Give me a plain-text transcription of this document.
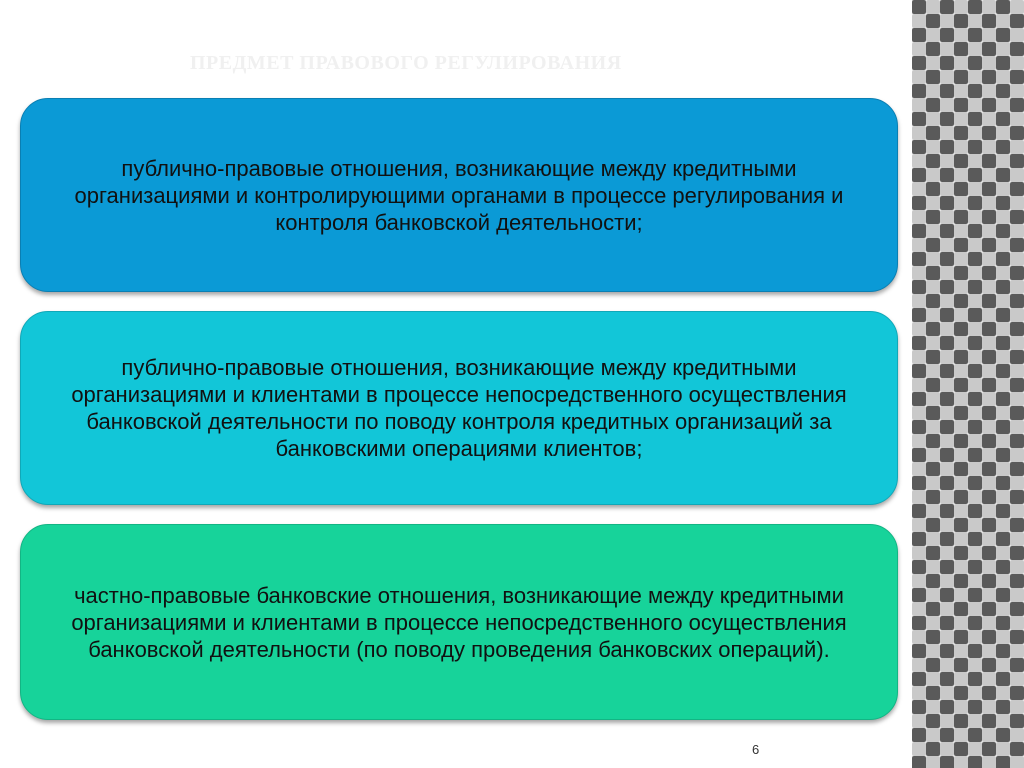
ПРЕДМЕТ ПРАВОВОГО РЕГУЛИРОВАНИЯ
публично-правовые отношения, возникающие между кредитными организациями и контролирующими органами в процессе регулирования и контроля банковской деятельности;
публично-правовые отношения, возникающие между кредитными организациями и клиентами в процессе непосредственного осуществления банковской деятельности по поводу контроля кредитных организаций за банковскими операциями клиентов;
частно-правовые банковские отношения, возникающие между кредитными организациями и клиентами в процессе непосредственного осуществления банковской деятельности (по поводу проведения банковских операций).
6
